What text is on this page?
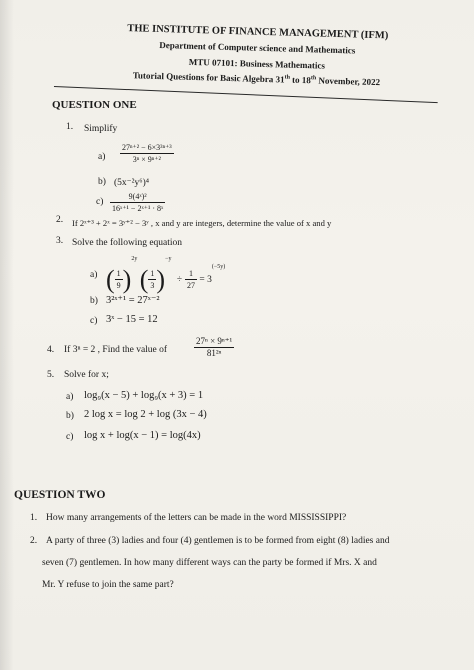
THE INSTITUTE OF FINANCE MANAGEMENT (IFM)
Department of Computer science and Mathematics
MTU 07101: Business Mathematics
Tutorial Questions for Basic Algebra 31th to 18th November, 2022
QUESTION ONE
1. Simplify
$a) \frac{\text{27ⁿ⁺² − 6×3³ⁿ⁺³}}{\text{3ⁿ × 9ⁿ⁺²}}$
b) (5x⁻²y⁶)⁴
$c) \frac{\text{9(4ˣ)²}}{\text{16ˣ⁺¹ − 2ˣ⁺¹ · 8ˣ}}$
2. If 2ˣ⁺³ + 2ˣ = 3ʸ⁺² − 3ʸ , x and y are integers, determine the value of x and y
3. Solve the following equation
a) ( $\frac{1}{9} )^{2y}$ ( $\frac{1}{3} )^{-y} \div \frac{1}{27} = 3^{(-5y)}$
b) 3²ˣ⁺¹ = 27ˣ⁻²
c) 3ˣ − 15 = 12
4. If 3ⁿ = 2 , Find the value of	$\frac{\text{27ⁿ × 9ⁿ⁺¹}}{\text{81²ⁿ}}$
5. Solve for x;
a) log₉(x − 5) + log₉(x + 3) = 1
b) 2 log x = log 2 + log (3x − 4)
c) log x + log(x − 1) = log(4x)
QUESTION TWO
1. How many arrangements of the letters can be made in the word MISSISSIPPI?
2. A party of three (3) ladies and four (4) gentlemen is to be formed from eight (8) ladies and
seven (7) gentlemen. In how many different ways can the party be formed if Mrs. X and
Mr. Y refuse to join the same part?
